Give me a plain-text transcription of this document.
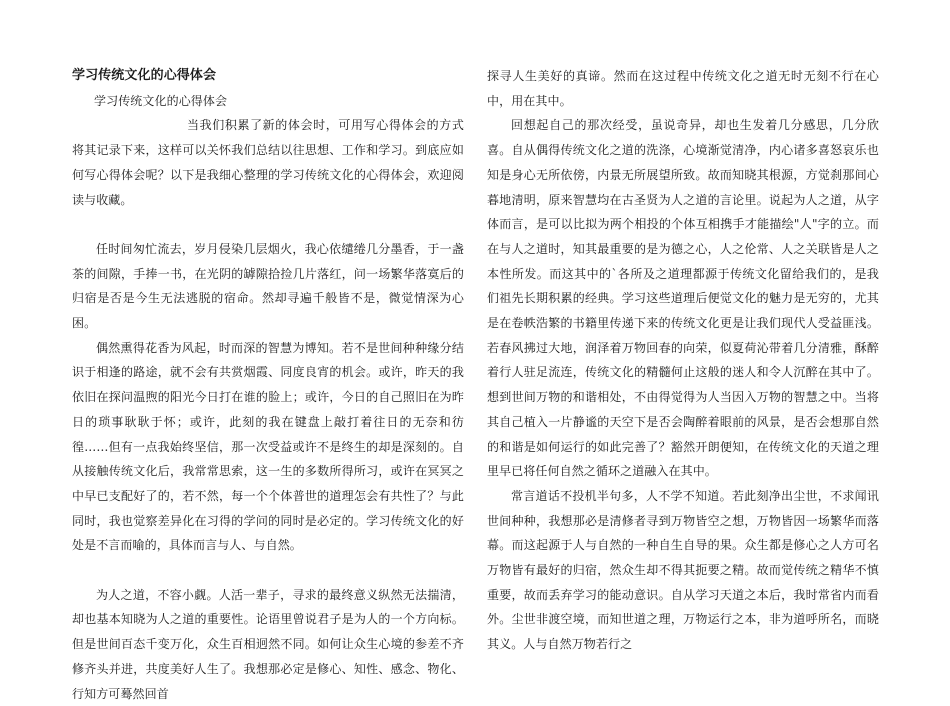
学习传统文化的心得体会

学习传统文化的心得体会

当我们积累了新的体会时，可用写心得体会的方式将其记录下来，这样可以关怀我们总结以往思想、工作和学习。到底应如何写心得体会呢？以下是我细心整理的学习传统文化的心得体会，欢迎阅读与收藏。

任时间匆忙流去，岁月侵染几层烟火，我心依缱绻几分墨香，于一盏茶的间隙，手捧一书，在光阴的罅隙拾捡几片落红，问一场繁华落寞后的归宿是否是今生无法逃脱的宿命。然却寻遍千般皆不是，微觉情深为心困。

偶然熏得花香为风起，时而深的智慧为博知。若不是世间种种缘分结识于相逢的路途，就不会有共赏烟霞、同度良宵的机会。或许，昨天的我依旧在探问温煦的阳光今日打在谁的脸上；或许，今日的自己照旧在为昨日的琐事耿耿于怀；或许，此刻的我在键盘上敲打着往日的无奈和彷徨……但有一点我始终坚信，那一次受益或许不是终生的却是深刻的。自从接触传统文化后，我常常思索，这一生的多数所得所习，或许在冥冥之中早已支配好了的，若不然，每一个个体普世的道理怎会有共性了？与此同时，我也觉察差异化在习得的学问的同时是必定的。学习传统文化的好处是不言而喻的，具体而言与人、与自然。

为人之道，不容小觑。人活一辈子，寻求的最终意义纵然无法揣清，却也基本知晓为人之道的重要性。论语里曾说君子是为人的一个方向标。但是世间百态千变万化，众生百相迥然不同。如何让众生心境的参差不齐修齐头并进，共度美好人生了。我想那必定是修心、知性、感念、物化、行知方可蓦然回首

探寻人生美好的真谛。然而在这过程中传统文化之道无时无刻不行在心中，用在其中。

回想起自己的那次经受，虽说奇异，却也生发着几分感思，几分欣喜。自从偶得传统文化之道的洗涤，心境渐觉清净，内心诸多喜怒哀乐也知是身心无所依傍，内景无所展望所致。故而知晓其根源，方觉刹那间心暮地清明，原来智慧均在古圣贤为人之道的言论里。说起为人之道，从字体而言，是可以比拟为两个相投的个体互相携手才能描绘"人"字的立。而在与人之道时，知其最重要的是为德之心，人之伦常、人之关联皆是人之本性所发。而这其中的`各所及之道理都源于传统文化留给我们的，是我们祖先长期积累的经典。学习这些道理后便觉文化的魅力是无穷的，尤其是在卷帙浩繁的书籍里传递下来的传统文化更是让我们现代人受益匪浅。若春风拂过大地，润泽着万物回春的向荣，似夏荷沁带着几分清雅，酥醉着行人驻足流连，传统文化的精髓何止这般的迷人和令人沉醉在其中了。想到世间万物的和谐相处，不由得觉得为人当因入万物的智慧之中。当将其自己植入一片静谧的天空下是否会陶醉着眼前的风景，是否会想那自然的和谐是如何运行的如此完善了？豁然开朗便知，在传统文化的天道之理里早已将任何自然之循环之道融入在其中。

常言道话不投机半句多，人不学不知道。若此刻净出尘世，不求闻讯世间种种，我想那必是清修者寻到万物皆空之想，万物皆因一场繁华而落幕。而这起源于人与自然的一种自生自导的果。众生都是修心之人方可名万物皆有最好的归宿，然众生却不得其扼要之精。故而觉传统之精华不慎重要，故而丢弃学习的能动意识。自从学习天道之本后，我时常省内而看外。尘世非渡空境，而知世道之理，万物运行之本，非为道呼所名，而晓其义。人与自然万物若行之
